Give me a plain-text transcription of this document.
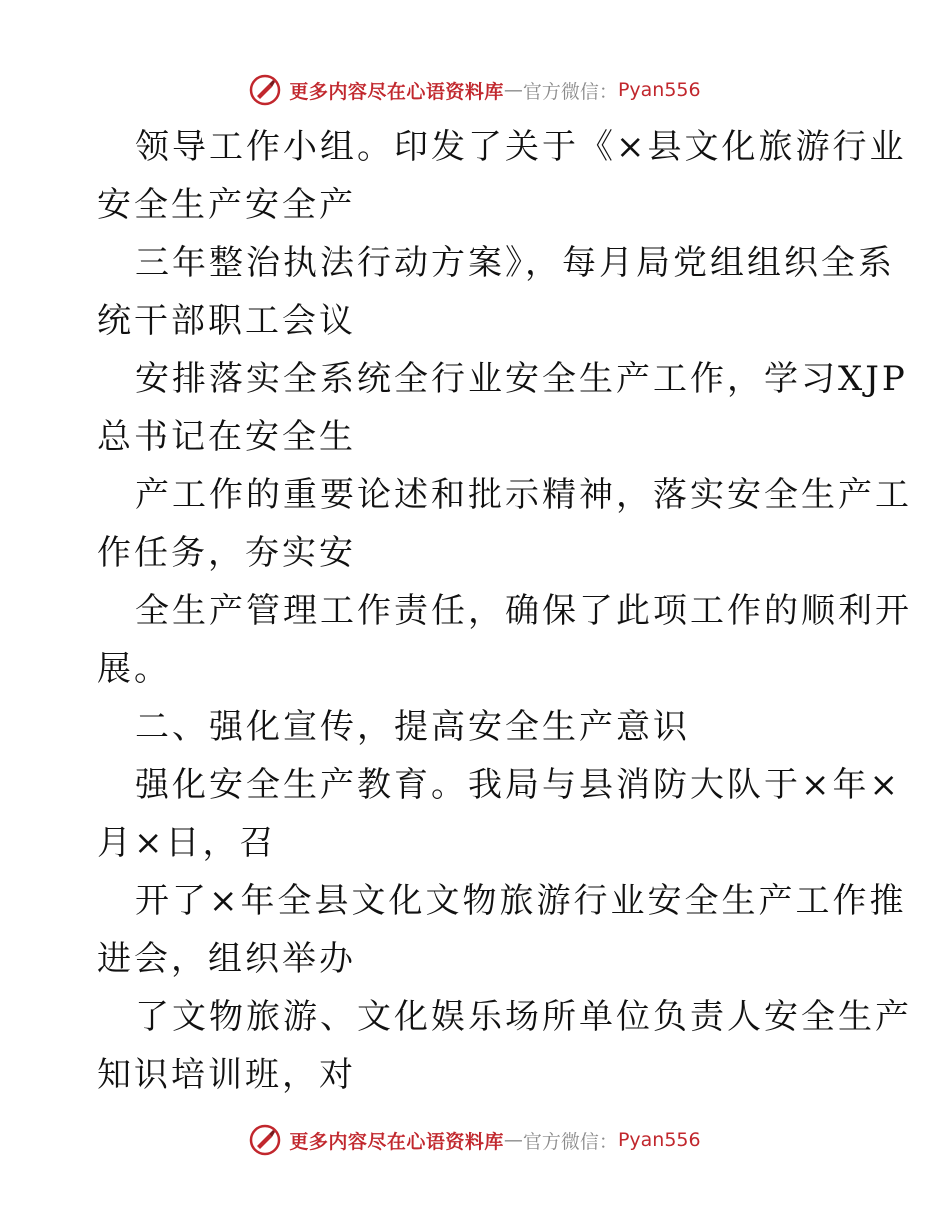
更多内容尽在心语资料库 — 官方微信： Pyan556
领导工作小组。印发了关于《×县文化旅游行业
安全生产安全产
三年整治执法行动方案》，每月局党组组织全系
统干部职工会议
安排落实全系统全行业安全生产工作，学习XJP
总书记在安全生
产工作的重要论述和批示精神，落实安全生产工
作任务，夯实安
全生产管理工作责任，确保了此项工作的顺利开
展。
二、强化宣传，提高安全生产意识
强化安全生产教育。我局与县消防大队于×年×
月×日，召
开了×年全县文化文物旅游行业安全生产工作推
进会，组织举办
了文物旅游、文化娱乐场所单位负责人安全生产
知识培训班，对
更多内容尽在心语资料库 — 官方微信： Pyan556
